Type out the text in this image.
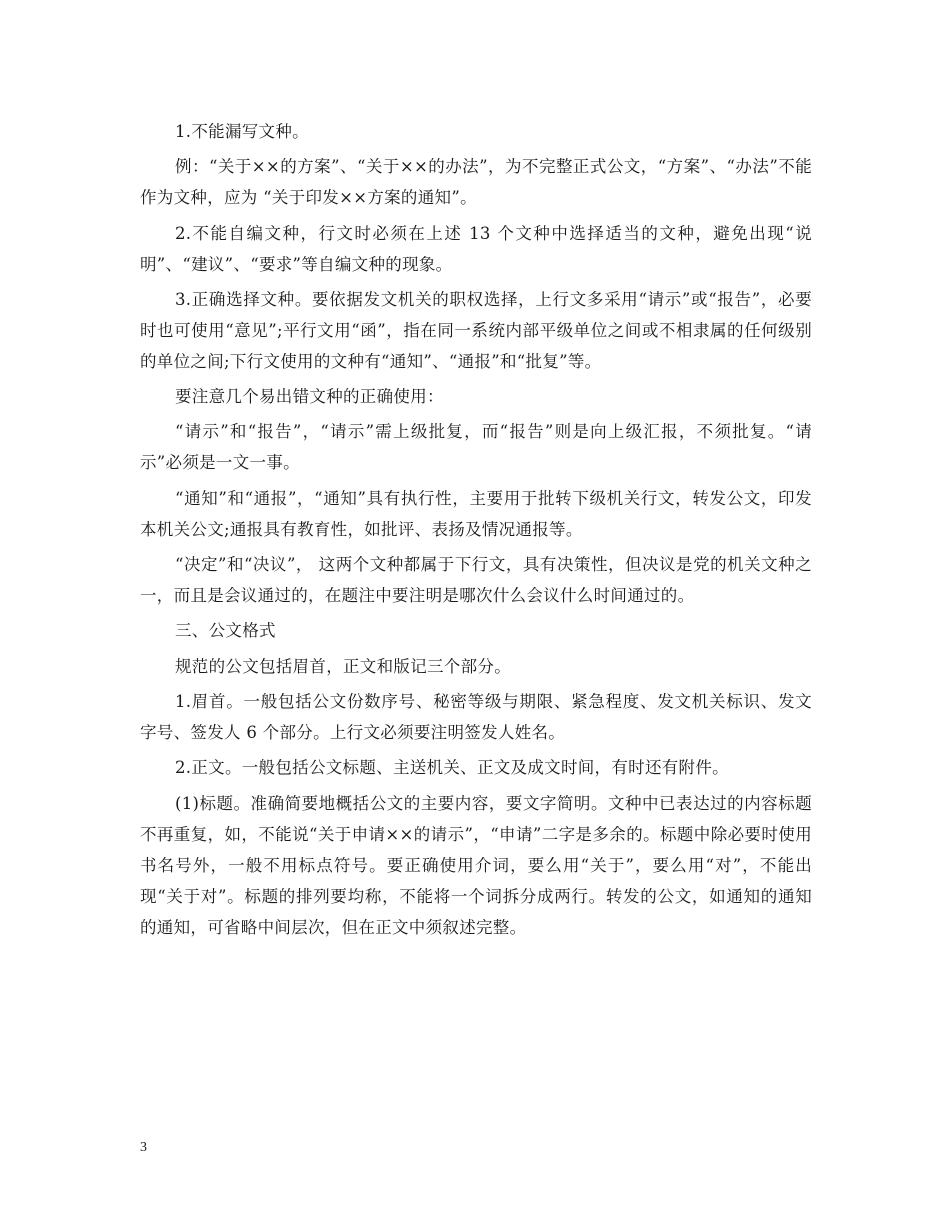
1.不能漏写文种。

例：“关于××的方案”、“关于××的办法”，为不完整正式公文，“方案”、“办法”不能作为文种，应为 “关于印发××方案的通知”。

2.不能自编文种，行文时必须在上述 13 个文种中选择适当的文种，避免出现“说明”、“建议”、“要求”等自编文种的现象。

3.正确选择文种。要依据发文机关的职权选择，上行文多采用“请示”或“报告”，必要时也可使用“意见”;平行文用“函”，指在同一系统内部平级单位之间或不相隶属的任何级别的单位之间;下行文使用的文种有“通知”、“通报”和“批复”等。

要注意几个易出错文种的正确使用：

“请示”和“报告”，“请示”需上级批复，而“报告”则是向上级汇报，不须批复。“请示”必须是一文一事。

“通知”和“通报”，“通知”具有执行性，主要用于批转下级机关行文，转发公文，印发本机关公文;通报具有教育性，如批评、表扬及情况通报等。

“决定”和“决议”， 这两个文种都属于下行文，具有决策性，但决议是党的机关文种之一，而且是会议通过的，在题注中要注明是哪次什么会议什么时间通过的。

三、公文格式

规范的公文包括眉首，正文和版记三个部分。

1.眉首。一般包括公文份数序号、秘密等级与期限、紧急程度、发文机关标识、发文字号、签发人 6 个部分。上行文必须要注明签发人姓名。

2.正文。一般包括公文标题、主送机关、正文及成文时间，有时还有附件。

(1)标题。准确简要地概括公文的主要内容，要文字简明。文种中已表达过的内容标题不再重复，如，不能说“关于申请××的请示”，“申请”二字是多余的。标题中除必要时使用书名号外，一般不用标点符号。要正确使用介词，要么用“关于”，要么用“对”，不能出现“关于对”。标题的排列要均称，不能将一个词拆分成两行。转发的公文，如通知的通知的通知，可省略中间层次，但在正文中须叙述完整。

3
